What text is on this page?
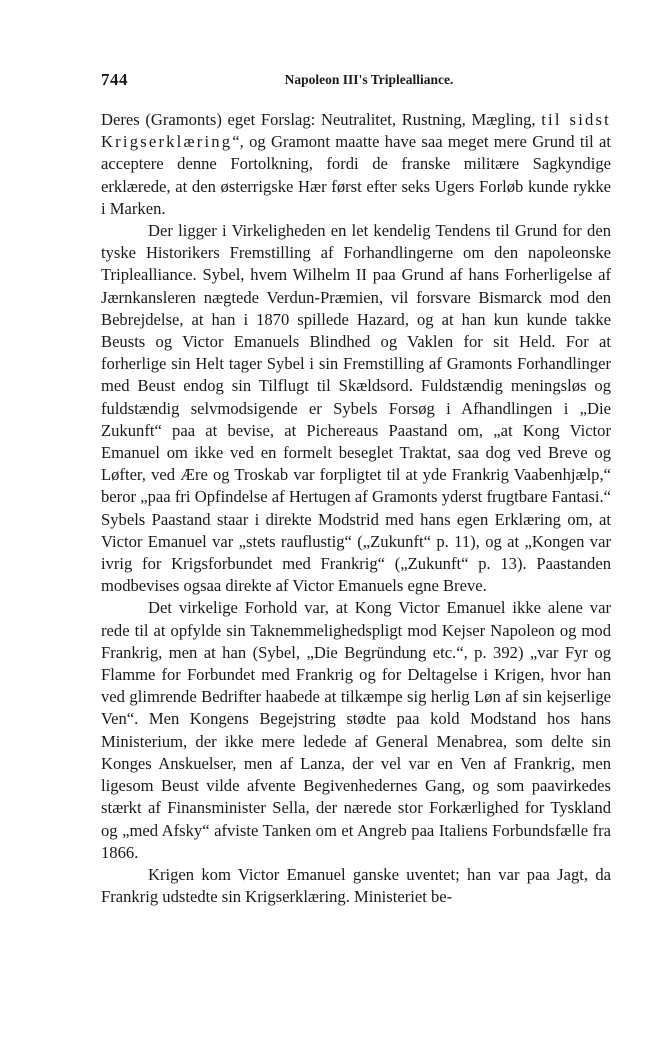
744	Napoleon III's Triplealliance.

Deres (Gramonts) eget Forslag: Neutralitet, Rustning, Mægling, til sidst Krigserklæring“, og Gramont maatte have saa meget mere Grund til at acceptere denne Fortolkning, fordi de franske militære Sagkyndige erklærede, at den østerrigske Hær først efter seks Ugers Forløb kunde rykke i Marken.

Der ligger i Virkeligheden en let kendelig Tendens til Grund for den tyske Historikers Fremstilling af Forhandlingerne om den napoleonske Triplealliance. Sybel, hvem Wilhelm II paa Grund af hans Forherligelse af Jærnkansleren nægtede Verdun-Præmien, vil forsvare Bismarck mod den Bebrejdelse, at han i 1870 spillede Hazard, og at han kun kunde takke Beusts og Victor Emanuels Blindhed og Vaklen for sit Held. For at forherlige sin Helt tager Sybel i sin Fremstilling af Gramonts Forhandlinger med Beust endog sin Tilflugt til Skældsord. Fuldstændig meningsløs og fuldstændig selvmodsigende er Sybels Forsøg i Afhandlingen i „Die Zukunft“ paa at bevise, at Pichereaus Paastand om, „at Kong Victor Emanuel om ikke ved en formelt beseglet Traktat, saa dog ved Breve og Løfter, ved Ære og Troskab var forpligtet til at yde Frankrig Vaabenhjælp,“ beror „paa fri Opfindelse af Hertugen af Gramonts yderst frugtbare Fantasi.“ Sybels Paastand staar i direkte Modstrid med hans egen Erklæring om, at Victor Emanuel var „stets rauflustig“ („Zukunft“ p. 11), og at „Kongen var ivrig for Krigsforbundet med Frankrig“ („Zukunft“ p. 13). Paastanden modbevises ogsaa direkte af Victor Emanuels egne Breve.

Det virkelige Forhold var, at Kong Victor Emanuel ikke alene var rede til at opfylde sin Taknemmelighedspligt mod Kejser Napoleon og mod Frankrig, men at han (Sybel, „Die Begründung etc.“, p. 392) „var Fyr og Flamme for Forbundet med Frankrig og for Deltagelse i Krigen, hvor han ved glimrende Bedrifter haabede at tilkæmpe sig herlig Løn af sin kejserlige Ven“. Men Kongens Begejstring stødte paa kold Modstand hos hans Ministerium, der ikke mere ledede af General Menabrea, som delte sin Konges Anskuelser, men af Lanza, der vel var en Ven af Frankrig, men ligesom Beust vilde afvente Begivenhedernes Gang, og som paavirkedes stærkt af Finansminister Sella, der nærede stor Forkærlighed for Tyskland og „med Afsky“ afviste Tanken om et Angreb paa Italiens Forbundsfælle fra 1866.

Krigen kom Victor Emanuel ganske uventet; han var paa Jagt, da Frankrig udstedte sin Krigserklæring. Ministeriet be-
